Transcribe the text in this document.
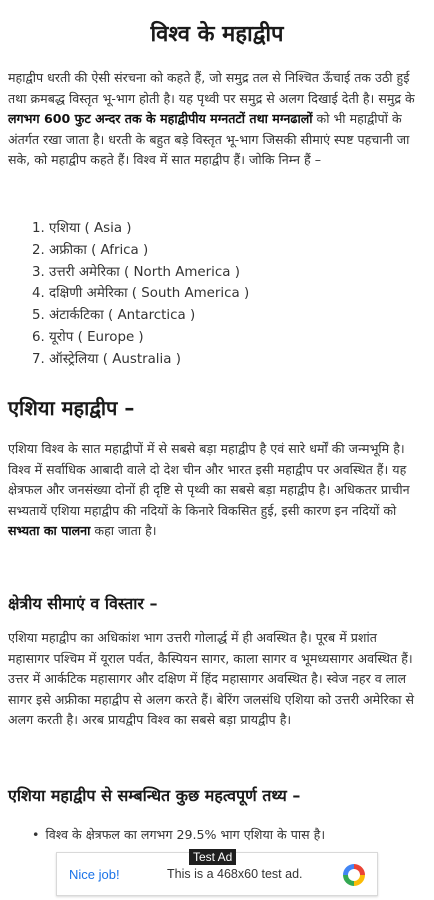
विश्व के महाद्वीप

महाद्वीप धरती की ऐसी संरचना को कहते हैं, जो समुद्र तल से निश्चित ऊँचाई तक उठी हुई तथा क्रमबद्ध विस्तृत भू-भाग होती है। यह पृथ्वी पर समुद्र से अलग दिखाई देती है। समुद्र के लगभग 600 फुट अन्दर तक के महाद्वीपीय मग्नतटों तथा मग्नढालों को भी महाद्वीपों के अंतर्गत रखा जाता है। धरती के बहुत बड़े विस्तृत भू-भाग जिसकी सीमाएं स्पष्ट पहचानी जा सके, को महाद्वीप कहते हैं। विश्व में सात महाद्वीप हैं। जोकि निम्न हैं –

1. एशिया ( Asia )
2. अफ्रीका ( Africa )
3. उत्तरी अमेरिका ( North America )
4. दक्षिणी अमेरिका ( South America )
5. अंटार्कटिका ( Antarctica )
6. यूरोप ( Europe )
7. ऑस्ट्रेलिया ( Australia )
एशिया महाद्वीप –

एशिया विश्व के सात महाद्वीपों में से सबसे बड़ा महाद्वीप है एवं सारे धर्मों की जन्मभूमि है। विश्व में सर्वाधिक आबादी वाले दो देश चीन और भारत इसी महाद्वीप पर अवस्थित हैं। यह क्षेत्रफल और जनसंख्या दोनों ही दृष्टि से पृथ्वी का सबसे बड़ा महाद्वीप है। अधिकतर प्राचीन सभ्यतायें एशिया महाद्वीप की नदियों के किनारे विकसित हुई, इसी कारण इन नदियों को सभ्यता का पालना कहा जाता है।

क्षेत्रीय सीमाएं व विस्तार –

एशिया महाद्वीप का अधिकांश भाग उत्तरी गोलार्द्ध में ही अवस्थित है। पूरब में प्रशांत महासागर पश्चिम में यूराल पर्वत, कैस्पियन सागर, काला सागर व भूमध्यसागर अवस्थित हैं। उत्तर में आर्कटिक महासागर और दक्षिण में हिंद महासागर अवस्थित है। स्वेज नहर व लाल सागर इसे अफ्रीका महाद्वीप से अलग करते हैं। बेरिंग जलसंधि एशिया को उत्तरी अमेरिका से अलग करती है। अरब प्रायद्वीप विश्व का सबसे बड़ा प्रायद्वीप है।

एशिया महाद्वीप से सम्बन्धित कुछ महत्वपूर्ण तथ्य –
• विश्व के क्षेत्रफल का लगभग 29.5% भाग एशिया के पास है।
Test Ad
Nice job!	This is a 468x60 test ad.
